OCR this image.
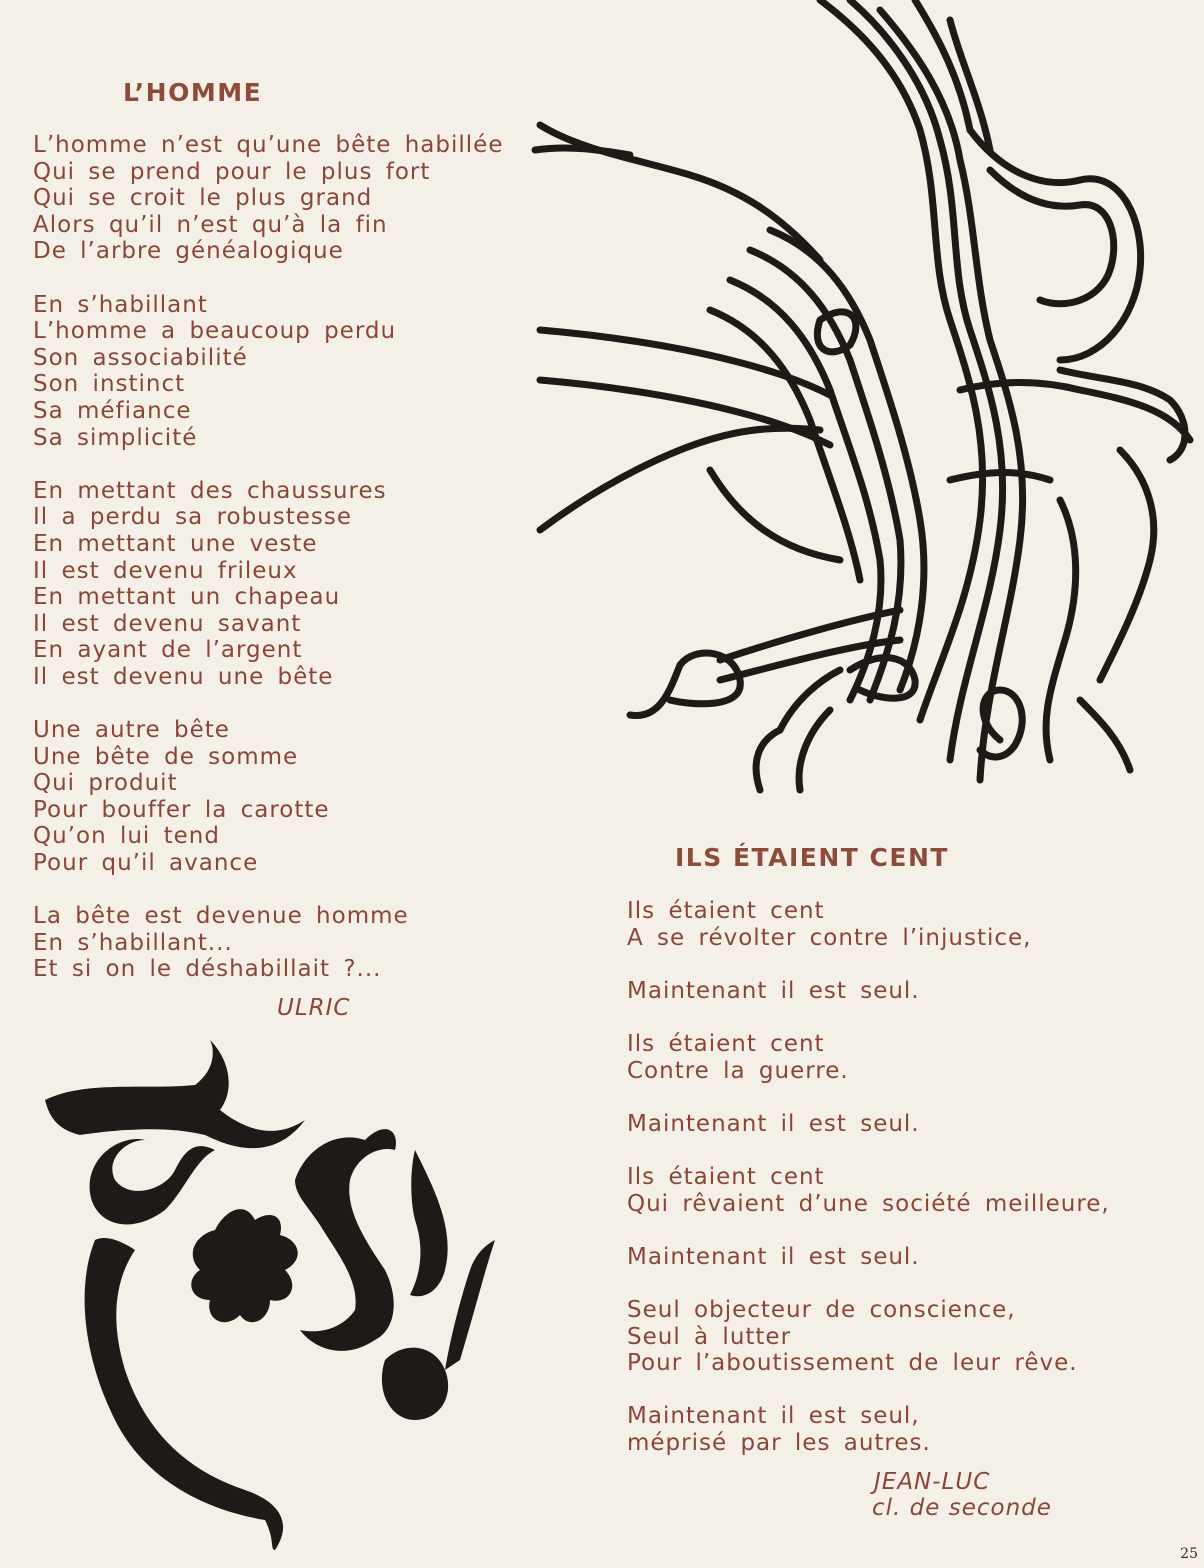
L’HOMME
L’homme n’est qu’une bête habillée
Qui se prend pour le plus fort
Qui se croit le plus grand
Alors qu’il n’est qu’à la fin
De l’arbre généalogique
En s’habillant
L’homme a beaucoup perdu
Son associabilité
Son instinct
Sa méfiance
Sa simplicité
En mettant des chaussures
Il a perdu sa robustesse
En mettant une veste
Il est devenu frileux
En mettant un chapeau
Il est devenu savant
En ayant de l’argent
Il est devenu une bête
Une autre bête
Une bête de somme
Qui produit
Pour bouffer la carotte
Qu’on lui tend
Pour qu’il avance
La bête est devenue homme
En s’habillant...
Et si on le déshabillait ?...
ULRIC
ILS ÉTAIENT CENT
Ils étaient cent
A se révolter contre l’injustice,
Maintenant il est seul.
Ils étaient cent
Contre la guerre.
Maintenant il est seul.
Ils étaient cent
Qui rêvaient d’une société meilleure,
Maintenant il est seul.
Seul objecteur de conscience,
Seul à lutter
Pour l’aboutissement de leur rêve.
Maintenant il est seul,
méprisé par les autres.
JEAN-LUC
cl. de seconde
25
